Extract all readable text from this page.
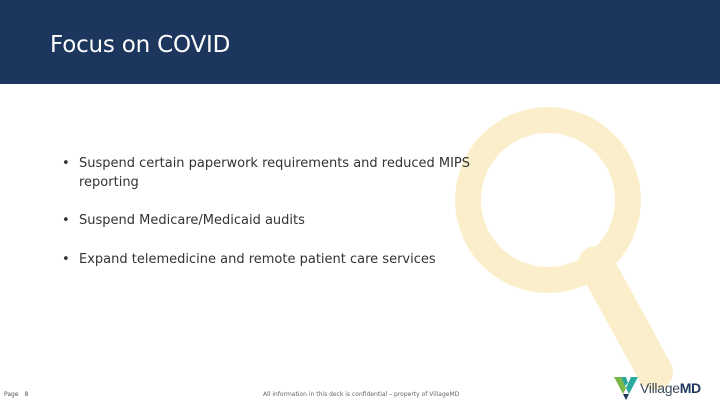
Focus on COVID
• Suspend certain paperwork requirements and reduced MIPS reporting
• Suspend Medicare/Medicaid audits
• Expand telemedicine and remote patient care services
Page 8	All information in this deck is confidential – property of VillageMD	VillageMD
